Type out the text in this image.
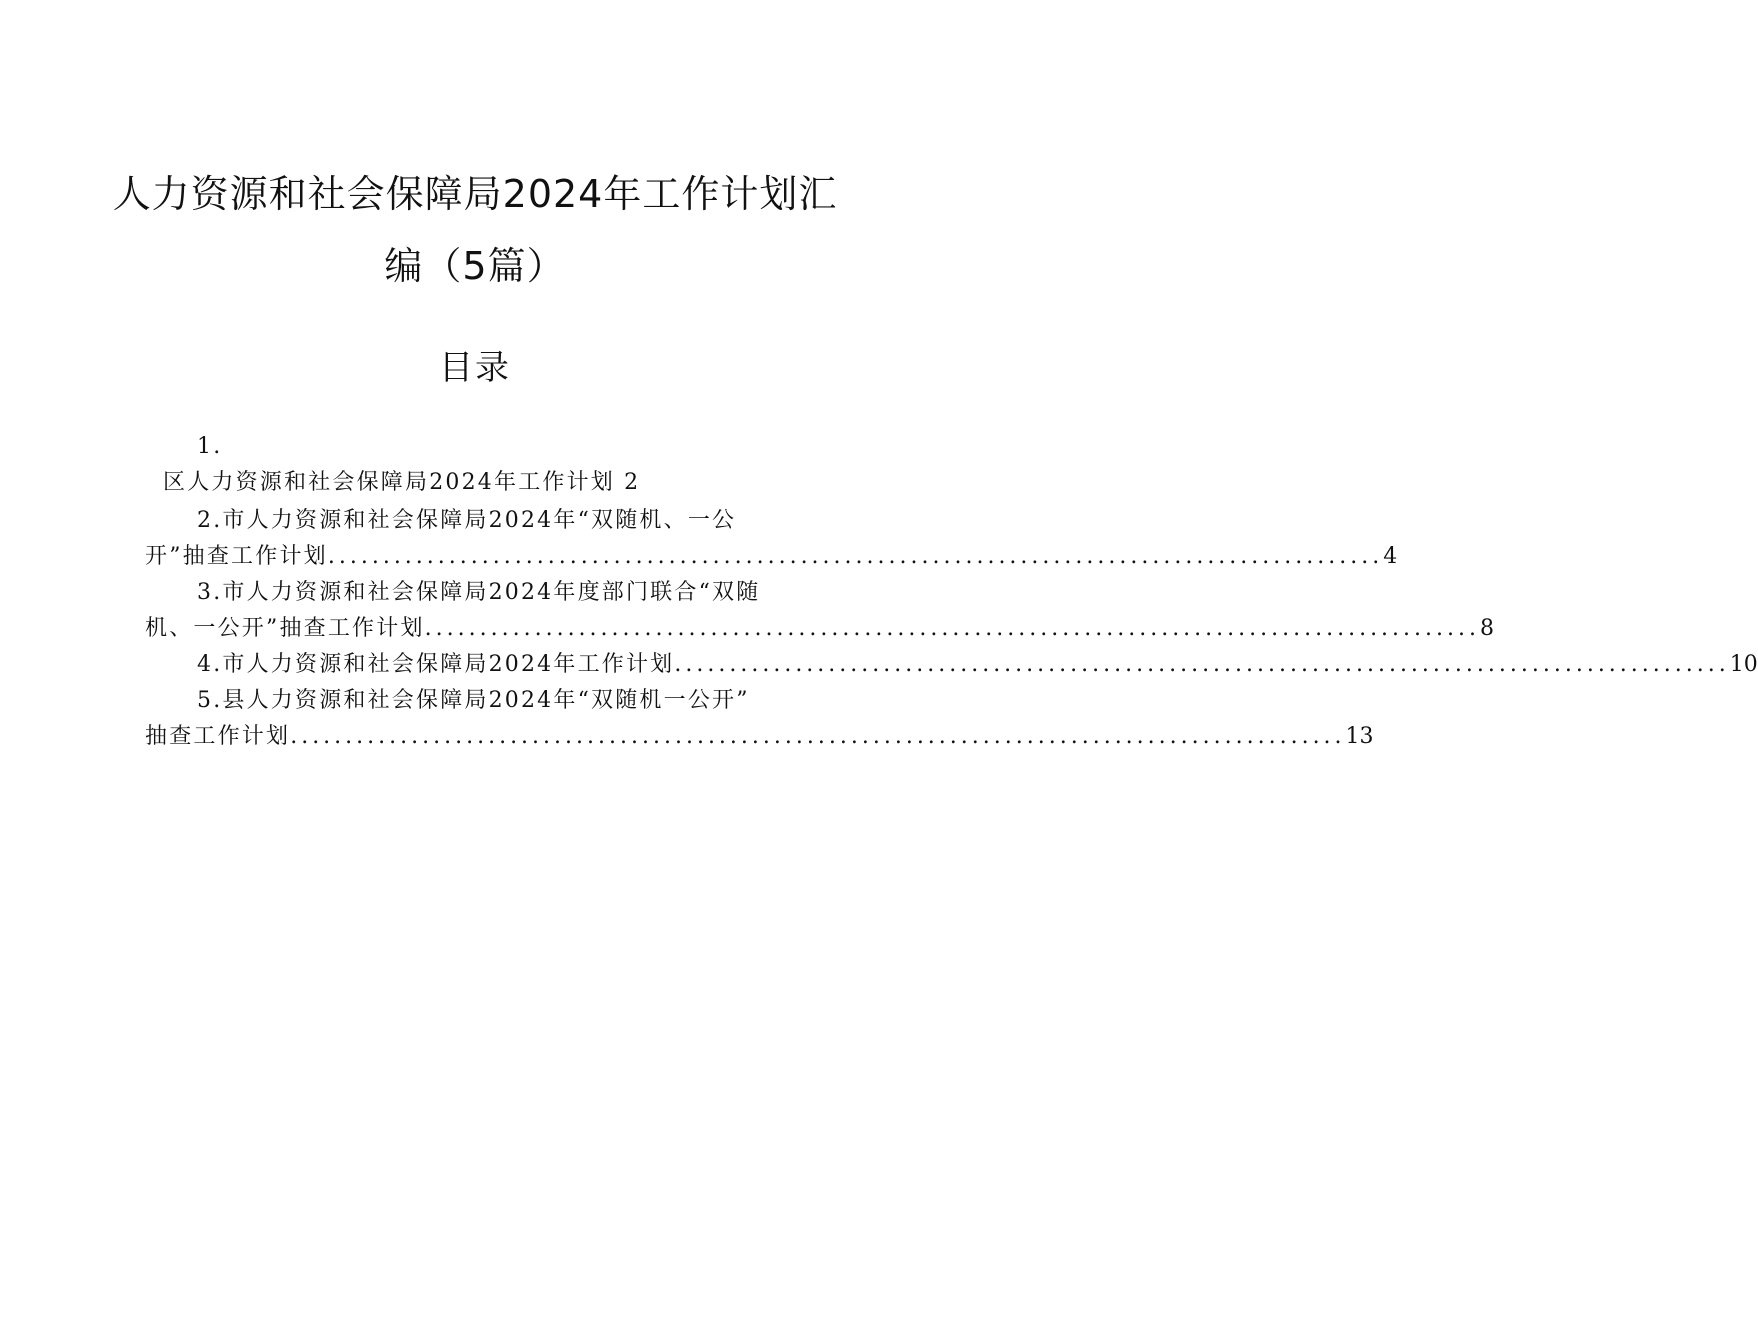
人力资源和社会保障局2024年工作计划汇
编（5篇）
目录
1.
区人力资源和社会保障局2024年工作计划 2
2.市人力资源和社会保障局2024年“双随机、一公
开”抽查工作计划 ................................................................................................ 4
3.市人力资源和社会保障局2024年度部门联合“双随
机、一公开”抽查工作计划 ................................................................................................ 8
4.市人力资源和社会保障局2024年工作计划 ................................................................................................ 10
5.县人力资源和社会保障局2024年“双随机一公开”
抽查工作计划 ................................................................................................ 13
